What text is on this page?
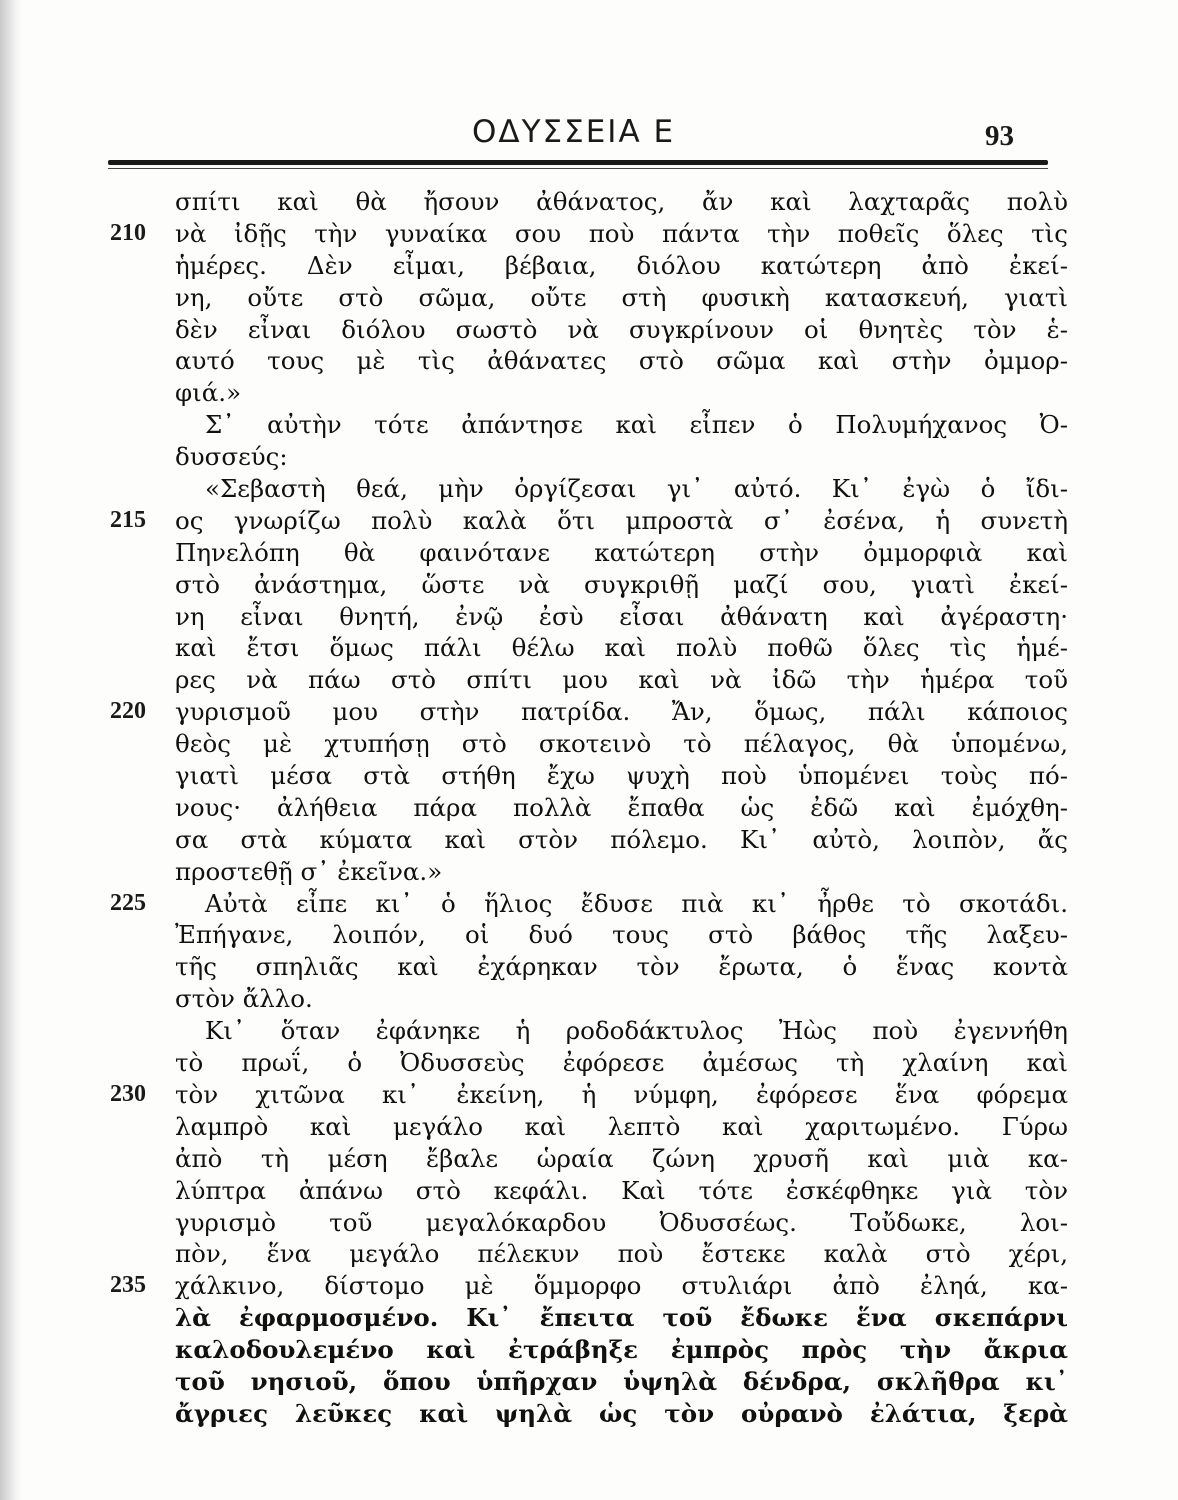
ΟΔΥΣΣΕΙΑ Ε	93
σπίτι καὶ θὰ ἤσουν ἀθάνατος, ἄν καὶ λαχταρᾶς πολὺ
210	νὰ ἰδῇς τὴν γυναίκα σου ποὺ πάντα τὴν ποθεῖς ὅλες τὶς
ἡμέρες. Δὲν εἶμαι, βέβαια, διόλου κατώτερη ἀπὸ ἐκεί-
νη, οὔτε στὸ σῶμα, οὔτε στὴ φυσικὴ κατασκευή, γιατὶ
δὲν εἶναι διόλου σωστὸ νὰ συγκρίνουν οἱ θνητὲς τὸν ἑ-
αυτό τους μὲ τὶς ἀθάνατες στὸ σῶμα καὶ στὴν ὀμμορ-
φιά.»
Σ᾽ αὐτὴν τότε ἀπάντησε καὶ εἶπεν ὁ Πολυμήχανος Ὀ-
δυσσεύς:
«Σεβαστὴ θεά, μὴν ὀργίζεσαι γι᾽ αὐτό. Κι᾽ ἐγὼ ὁ ἴδι-
215	ος γνωρίζω πολὺ καλὰ ὅτι μπροστὰ σ᾽ ἐσένα, ἡ συνετὴ
Πηνελόπη θὰ φαινότανε κατώτερη στὴν ὀμμορφιὰ καὶ
στὸ ἀνάστημα, ὥστε νὰ συγκριθῇ μαζί σου, γιατὶ ἐκεί-
νη εἶναι θνητή, ἐνῷ ἐσὺ εἶσαι ἀθάνατη καὶ ἀγέραστη·
καὶ ἔτσι ὅμως πάλι θέλω καὶ πολὺ ποθῶ ὅλες τὶς ἡμέ-
ρες νὰ πάω στὸ σπίτι μου καὶ νὰ ἰδῶ τὴν ἡμέρα τοῦ
220	γυρισμοῦ μου στὴν πατρίδα. Ἄν, ὅμως, πάλι κάποιος
θεὸς μὲ χτυπήσῃ στὸ σκοτεινὸ τὸ πέλαγος, θὰ ὑπομένω,
γιατὶ μέσα στὰ στήθη ἔχω ψυχὴ ποὺ ὑπομένει τοὺς πό-
νους· ἀλήθεια πάρα πολλὰ ἔπαθα ὡς ἐδῶ καὶ ἐμόχθη-
σα στὰ κύματα καὶ στὸν πόλεμο. Κι᾽ αὐτὸ, λοιπὸν, ἄς
προστεθῇ σ᾽ ἐκεῖνα.»
225	Αὐτὰ εἶπε κι᾽ ὁ ἥλιος ἔδυσε πιὰ κι᾽ ἦρθε τὸ σκοτάδι.
Ἐπήγανε, λοιπόν, οἱ δυό τους στὸ βάθος τῆς λαξευ-
τῆς σπηλιᾶς καὶ ἐχάρηκαν τὸν ἔρωτα, ὁ ἕνας κοντὰ
στὸν ἄλλο.
Κι᾽ ὅταν ἐφάνηκε ἡ ροδοδάκτυλος Ἠὼς ποὺ ἐγεννήθη
τὸ πρωΐ, ὁ Ὀδυσσεὺς ἐφόρεσε ἀμέσως τὴ χλαίνη καὶ
230	τὸν χιτῶνα κι᾽ ἐκείνη, ἡ νύμφη, ἐφόρεσε ἕνα φόρεμα
λαμπρὸ καὶ μεγάλο καὶ λεπτὸ καὶ χαριτωμένο. Γύρω
ἀπὸ τὴ μέση ἔβαλε ὡραία ζώνη χρυσῆ καὶ μιὰ κα-
λύπτρα ἀπάνω στὸ κεφάλι. Καὶ τότε ἐσκέφθηκε γιὰ τὸν
γυρισμὸ τοῦ μεγαλόκαρδου Ὀδυσσέως. Τοὔδωκε, λοι-
πὸν, ἕνα μεγάλο πέλεκυν ποὺ ἔστεκε καλὰ στὸ χέρι,
235	χάλκινο, δίστομο μὲ ὅμμορφο στυλιάρι ἀπὸ ἐληά, κα-
λὰ ἐφαρμοσμένο. Κι᾽ ἔπειτα τοῦ ἔδωκε ἕνα σκεπάρνι
καλοδουλεμένο καὶ ἐτράβηξε ἐμπρὸς πρὸς τὴν ἄκρια
τοῦ νησιοῦ, ὅπου ὑπῆρχαν ὑψηλὰ δένδρα, σκλῆθρα κι᾽
ἄγριες λεῦκες καὶ ψηλὰ ὡς τὸν οὐρανὸ ἐλάτια, ξερὰ
